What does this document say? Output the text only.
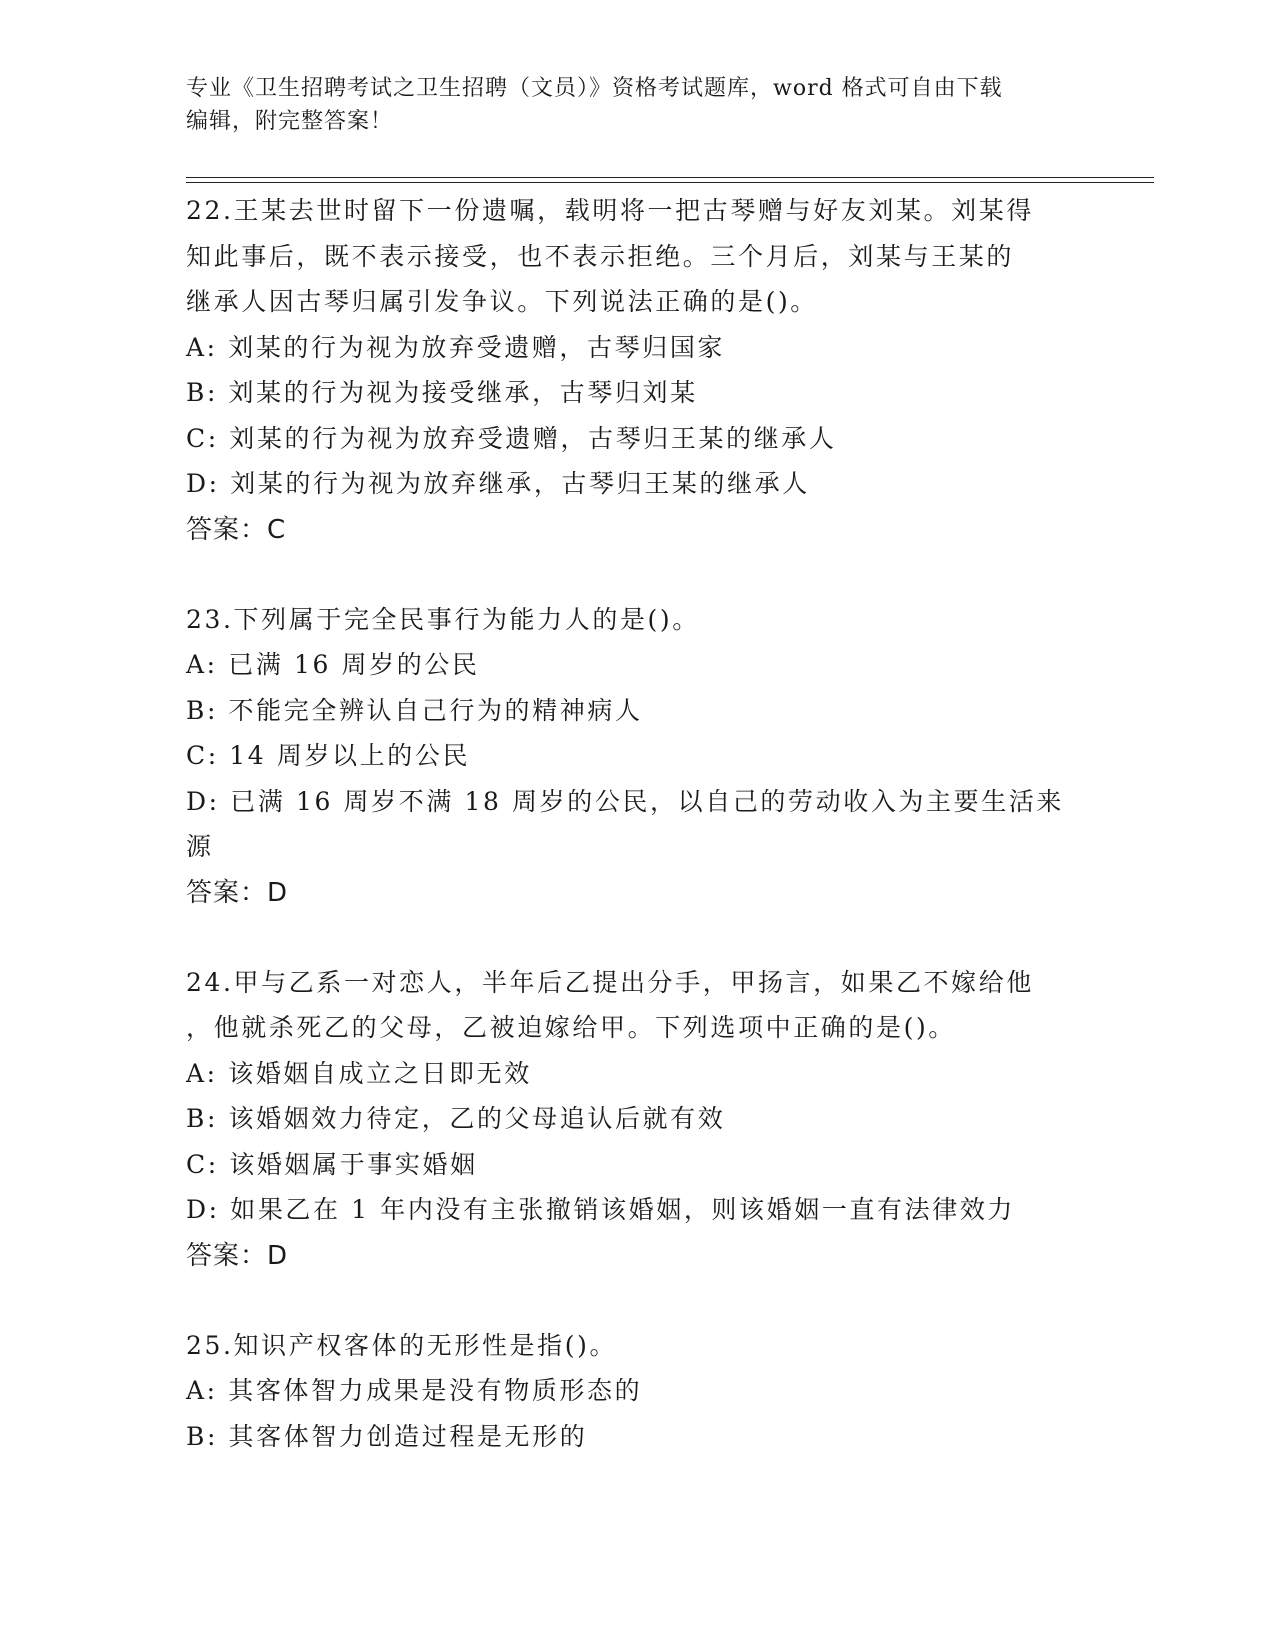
专业《卫生招聘考试之卫生招聘（文员）》资格考试题库，word 格式可自由下载
编辑，附完整答案！
22.王某去世时留下一份遗嘱，载明将一把古琴赠与好友刘某。刘某得
知此事后，既不表示接受，也不表示拒绝。三个月后，刘某与王某的
继承人因古琴归属引发争议。下列说法正确的是()。
A: 刘某的行为视为放弃受遗赠，古琴归国家
B: 刘某的行为视为接受继承，古琴归刘某
C: 刘某的行为视为放弃受遗赠，古琴归王某的继承人
D: 刘某的行为视为放弃继承，古琴归王某的继承人
答案：C
23.下列属于完全民事行为能力人的是()。
A: 已满 16 周岁的公民
B: 不能完全辨认自己行为的精神病人
C: 14 周岁以上的公民
D: 已满 16 周岁不满 18 周岁的公民，以自己的劳动收入为主要生活来
源
答案：D
24.甲与乙系一对恋人，半年后乙提出分手，甲扬言，如果乙不嫁给他
，他就杀死乙的父母，乙被迫嫁给甲。下列选项中正确的是()。
A: 该婚姻自成立之日即无效
B: 该婚姻效力待定，乙的父母追认后就有效
C: 该婚姻属于事实婚姻
D: 如果乙在 1 年内没有主张撤销该婚姻，则该婚姻一直有法律效力
答案：D
25.知识产权客体的无形性是指()。
A: 其客体智力成果是没有物质形态的
B: 其客体智力创造过程是无形的
